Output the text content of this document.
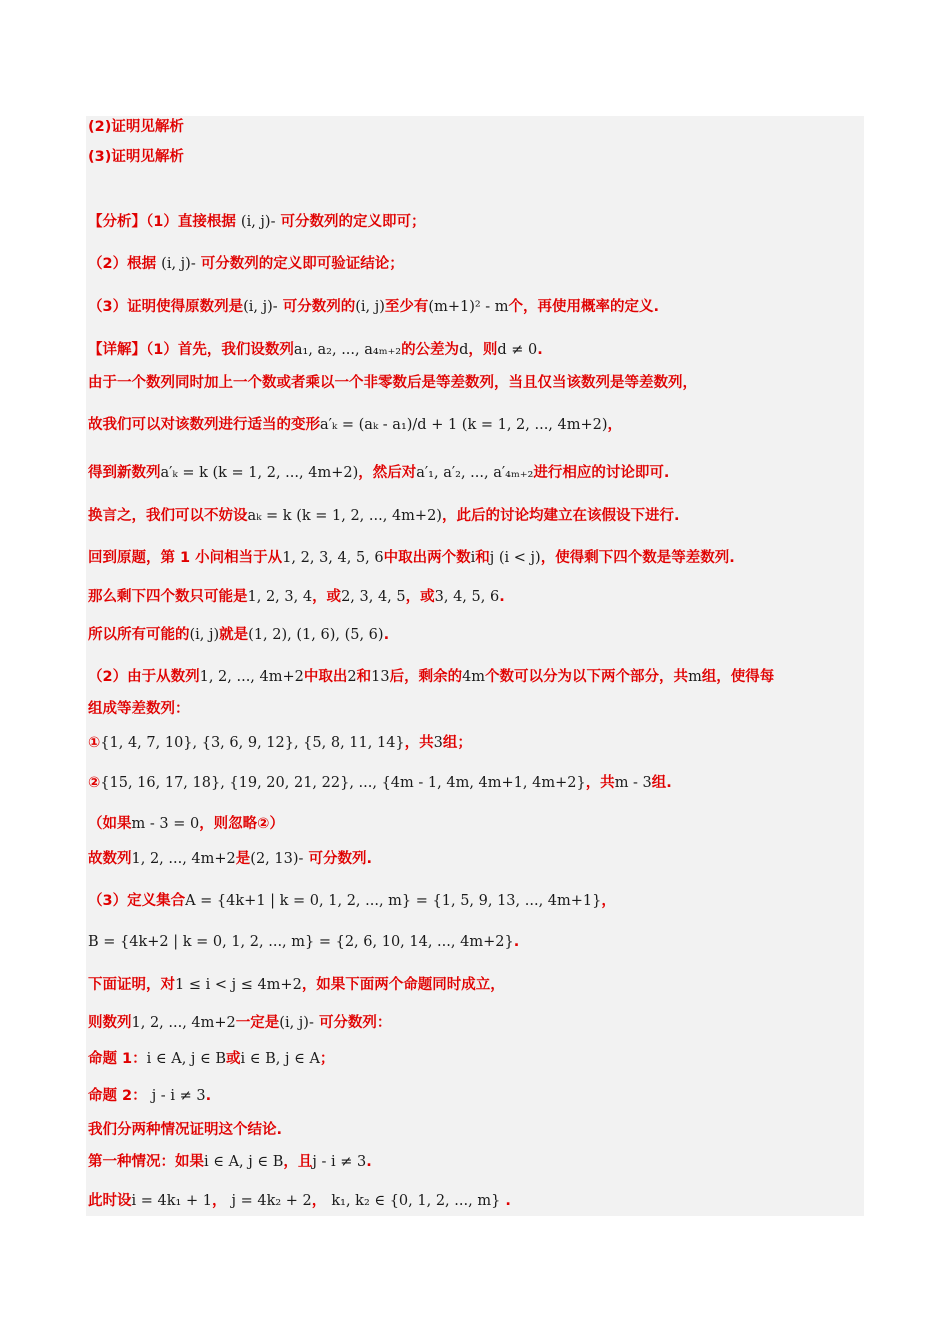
(2)证明见解析
(3)证明见解析
【分析】（1）直接根据 (i, j)- 可分数列的定义即可；
（2）根据 (i, j)- 可分数列的定义即可验证结论；
（3）证明使得原数列是(i, j)- 可分数列的(i, j)至少有(m+1)² - m个，再使用概率的定义.
【详解】（1）首先，我们设数列a₁, a₂, ..., a₄ₘ₊₂的公差为d，则d ≠ 0.
由于一个数列同时加上一个数或者乘以一个非零数后是等差数列，当且仅当该数列是等差数列，
故我们可以对该数列进行适当的变形a′ₖ = (aₖ - a₁)/d + 1 (k = 1, 2, ..., 4m+2)，
得到新数列a′ₖ = k (k = 1, 2, ..., 4m+2)，然后对a′₁, a′₂, ..., a′₄ₘ₊₂进行相应的讨论即可.
换言之，我们可以不妨设aₖ = k (k = 1, 2, ..., 4m+2)，此后的讨论均建立在该假设下进行.
回到原题，第 1 小问相当于从1, 2, 3, 4, 5, 6中取出两个数i和j (i < j)，使得剩下四个数是等差数列.
那么剩下四个数只可能是1, 2, 3, 4，或2, 3, 4, 5，或3, 4, 5, 6.
所以所有可能的(i, j)就是(1, 2), (1, 6), (5, 6).
（2）由于从数列1, 2, ..., 4m+2中取出2和13后，剩余的4m个数可以分为以下两个部分，共m组，使得每
组成等差数列：
①{1, 4, 7, 10}, {3, 6, 9, 12}, {5, 8, 11, 14}，共3组；
②{15, 16, 17, 18}, {19, 20, 21, 22}, ..., {4m - 1, 4m, 4m+1, 4m+2}，共m - 3组.
（如果m - 3 = 0，则忽略②）
故数列1, 2, ..., 4m+2是(2, 13)- 可分数列.
（3）定义集合A = {4k+1 | k = 0, 1, 2, ..., m} = {1, 5, 9, 13, ..., 4m+1}，
B = {4k+2 | k = 0, 1, 2, ..., m} = {2, 6, 10, 14, ..., 4m+2}.
下面证明，对1 ≤ i < j ≤ 4m+2，如果下面两个命题同时成立，
则数列1, 2, ..., 4m+2一定是(i, j)- 可分数列：
命题 1：i ∈ A, j ∈ B或i ∈ B, j ∈ A；
命题 2： j - i ≠ 3.
我们分两种情况证明这个结论.
第一种情况：如果i ∈ A, j ∈ B，且j - i ≠ 3.
此时设i = 4k₁ + 1， j = 4k₂ + 2， k₁, k₂ ∈ {0, 1, 2, ..., m} .
